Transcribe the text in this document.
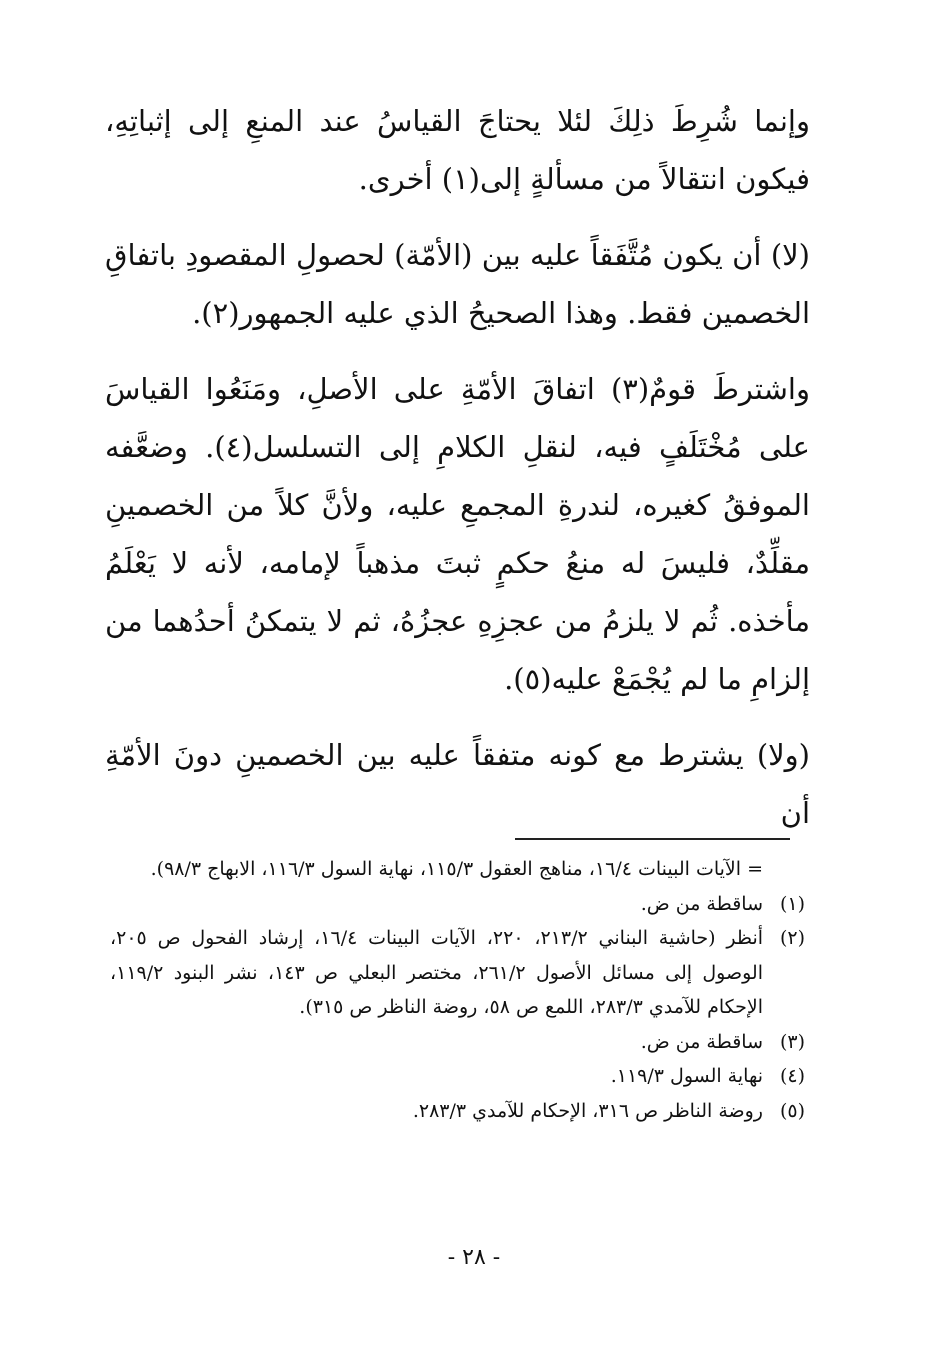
وإنما شُرِطَ ذلِكَ لئلا يحتاجَ القياسُ عند المنعِ إلى إثباتِهِ، فيكون انتقالاً من مسألةٍ إلى(١) أخرى.

(لا) أن يكون مُتَّفَقاً عليه بين (الأمّة) لحصولِ المقصودِ باتفاقِ الخصمين فقط. وهذا الصحيحُ الذي عليه الجمهور(٢).

واشترطَ قومٌ(٣) اتفاقَ الأمّةِ على الأصلِ، ومَنَعُوا القياسَ على مُخْتَلَفٍ فيه، لنقلِ الكلامِ إلى التسلسل(٤). وضعَّفه الموفقُ كغيره، لندرةِ المجمعِ عليه، ولأنَّ كلاً من الخصمينِ مقلِّدٌ، فليسَ له منعُ حكمٍ ثبتَ مذهباً لإمامه، لأنه لا يَعْلَمُ مأخذه. ثُم لا يلزمُ من عجزِهِ عجزُهُ، ثم لا يتمكنُ أحدُهما من إلزامِ ما لم يُجْمَعْ عليه(٥).

(ولا) يشترط مع كونه متفقاً عليه بين الخصمينِ دونَ الأمّةِ أن

= الآيات البينات ١٦/٤، مناهج العقول ١١٥/٣، نهاية السول ١١٦/٣، الابهاج ٩٨/٣).
(١)
ساقطة من ض.
(٢)
أنظر (حاشية البناني ٢١٣/٢، ٢٢٠، الآيات البينات ١٦/٤، إرشاد الفحول ص ٢٠٥، الوصول إلى مسائل الأصول ٢٦١/٢، مختصر البعلي ص ١٤٣، نشر البنود ١١٩/٢، الإحكام للآمدي ٢٨٣/٣، اللمع ص ٥٨، روضة الناظر ص ٣١٥).
(٣)
ساقطة من ض.
(٤)
نهاية السول ١١٩/٣.
(٥)
روضة الناظر ص ٣١٦، الإحكام للآمدي ٢٨٣/٣.
- ٢٨ -
